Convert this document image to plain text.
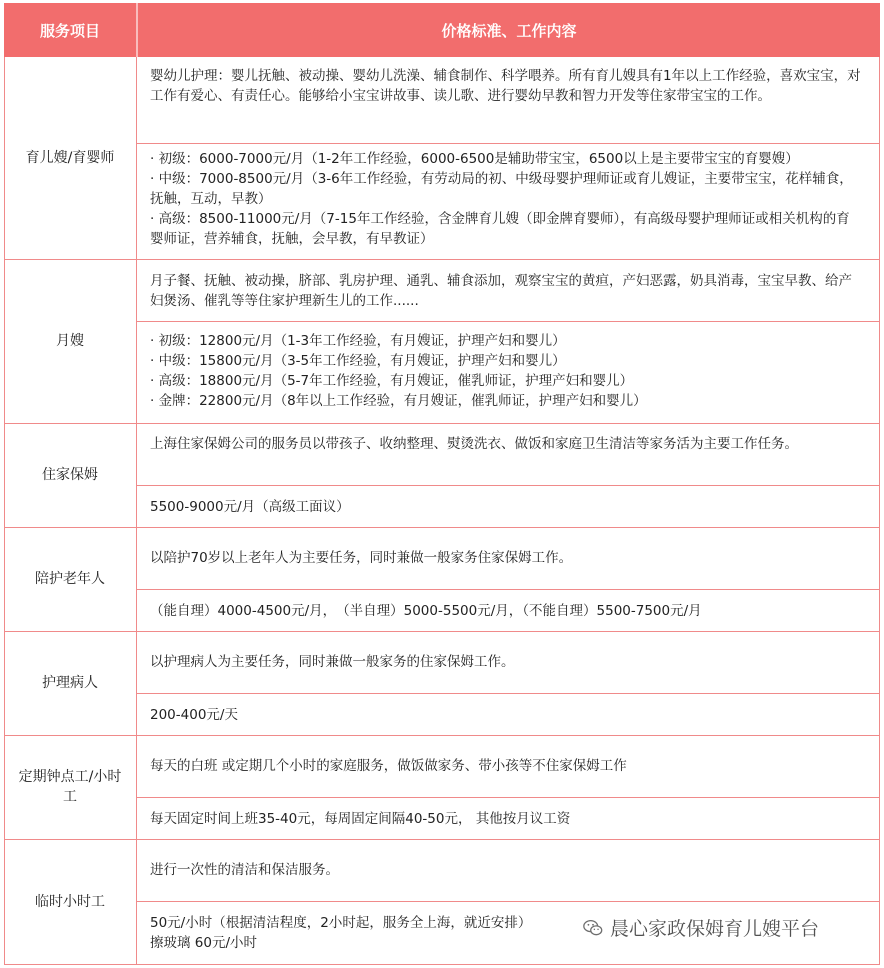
服务项目	价格标准、工作内容
育儿嫂/育婴师
婴幼儿护理：婴儿抚触、被动操、婴幼儿洗澡、辅食制作、科学喂养。所有育儿嫂具有1年以上工作经验，喜欢宝宝，对工作有爱心、有责任心。能够给小宝宝讲故事、读儿歌、进行婴幼早教和智力开发等住家带宝宝的工作。
· 初级：6000-7000元/月（1-2年工作经验，6000-6500是辅助带宝宝，6500以上是主要带宝宝的育婴嫂）
· 中级：7000-8500元/月（3-6年工作经验，有劳动局的初、中级母婴护理师证或育儿嫂证，主要带宝宝，花样辅食，抚触，互动，早教）
· 高级：8500-11000元/月（7-15年工作经验，含金牌育儿嫂（即金牌育婴师），有高级母婴护理师证或相关机构的育婴师证，营养辅食，抚触，会早教，有早教证）
月嫂
月子餐、抚触、被动操，脐部、乳房护理、通乳、辅食添加，观察宝宝的黄疸，产妇恶露，奶具消毒，宝宝早教、给产妇煲汤、催乳等等住家护理新生儿的工作......
· 初级：12800元/月（1-3年工作经验，有月嫂证，护理产妇和婴儿）
· 中级：15800元/月（3-5年工作经验，有月嫂证，护理产妇和婴儿）
· 高级：18800元/月（5-7年工作经验，有月嫂证，催乳师证，护理产妇和婴儿）
· 金牌：22800元/月（8年以上工作经验，有月嫂证，催乳师证，护理产妇和婴儿）
住家保姆
上海住家保姆公司的服务员以带孩子、收纳整理、熨烫洗衣、做饭和家庭卫生清洁等家务活为主要工作任务。
5500-9000元/月（高级工面议）
陪护老年人
以陪护70岁以上老年人为主要任务，同时兼做一般家务住家保姆工作。
（能自理）4000-4500元/月，　（半自理）5000-5500元/月，（不能自理）5500-7500元/月
护理病人
以护理病人为主要任务，同时兼做一般家务的住家保姆工作。
200-400元/天
定期钟点工/小时工
每天的白班 或定期几个小时的家庭服务，做饭做家务、带小孩等不住家保姆工作
每天固定时间上班35-40元，每周固定间隔40-50元， 其他按月议工资
临时小时工
进行一次性的清洁和保洁服务。
50元/小时（根据清洁程度，2小时起，服务全上海，就近安排）
擦玻璃 60元/小时
晨心家政保姆育儿嫂平台
